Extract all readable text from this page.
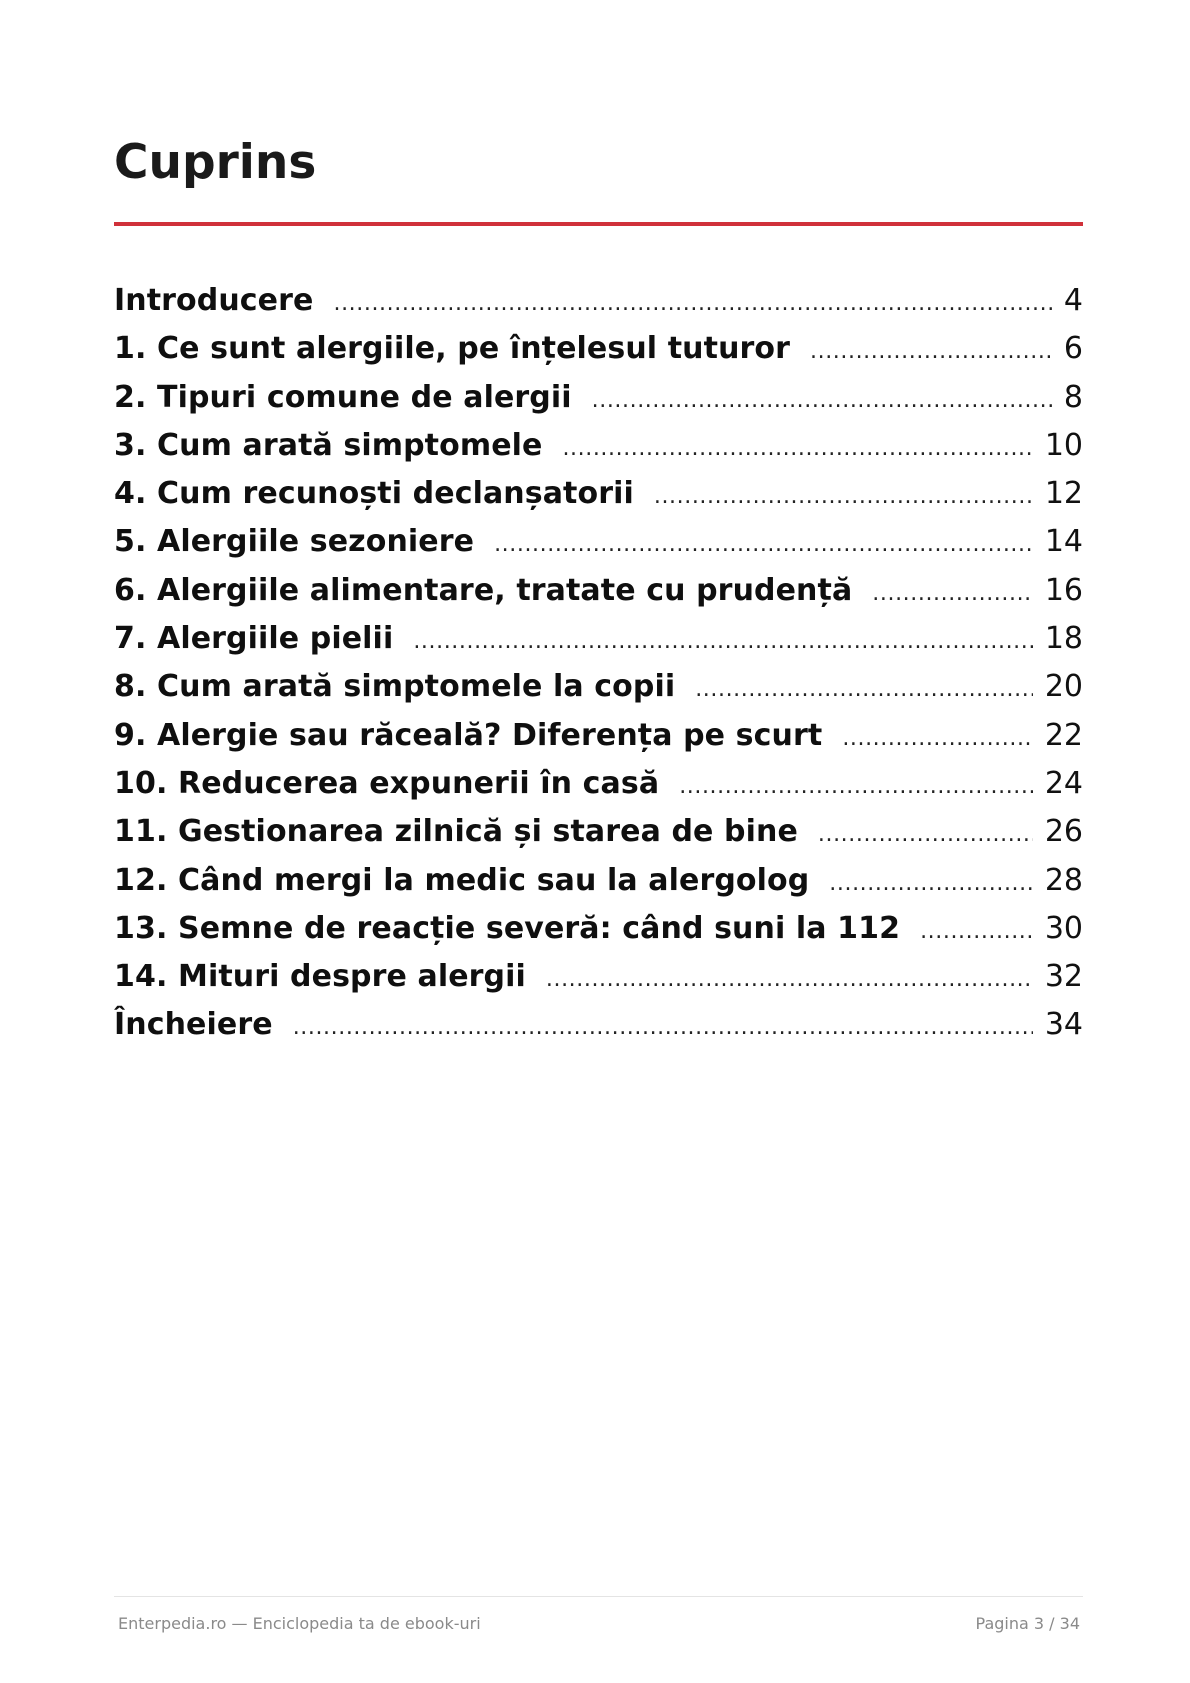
Cuprins
Introducere .....	4
1. Ce sunt alergiile, pe înțelesul tuturor .....	6
2. Tipuri comune de alergii .....	8
3. Cum arată simptomele .....	10
4. Cum recunoști declanșatorii .....	12
5. Alergiile sezoniere .....	14
6. Alergiile alimentare, tratate cu prudență .....	16
7. Alergiile pielii .....	18
8. Cum arată simptomele la copii .....	20
9. Alergie sau răceală? Diferența pe scurt .....	22
10. Reducerea expunerii în casă .....	24
11. Gestionarea zilnică și starea de bine .....	26
12. Când mergi la medic sau la alergolog .....	28
13. Semne de reacție severă: când suni la 112 .....	30
14. Mituri despre alergii .....	32
Încheiere .....	34
Enterpedia.ro — Enciclopedia ta de ebook-uri	Pagina 3 / 34
